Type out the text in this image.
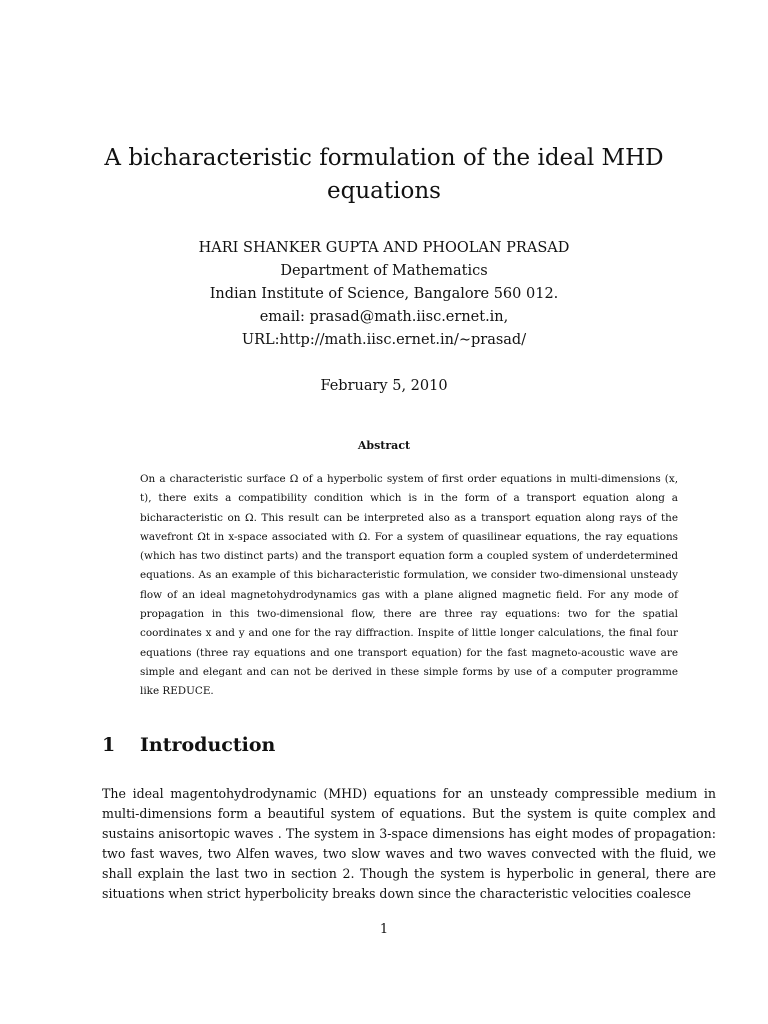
A bicharacteristic formulation of the ideal MHD equations
HARI SHANKER GUPTA AND PHOOLAN PRASAD
Department of Mathematics
Indian Institute of Science, Bangalore 560 012.
email: prasad@math.iisc.ernet.in,
URL:http://math.iisc.ernet.in/∼prasad/
February 5, 2010
Abstract

On a characteristic surface Ω of a hyperbolic system of first order equations in multi-dimensions (x, t), there exits a compatibility condition which is in the form of a transport equation along a bicharacteristic on Ω. This result can be interpreted also as a transport equation along rays of the wavefront Ωt in x-space associated with Ω. For a system of quasilinear equations, the ray equations (which has two distinct parts) and the transport equation form a coupled system of underdetermined equations. As an example of this bicharacteristic formulation, we consider two-dimensional unsteady flow of an ideal magnetohydrodynamics gas with a plane aligned magnetic field. For any mode of propagation in this two-dimensional flow, there are three ray equations: two for the spatial coordinates x and y and one for the ray diffraction. Inspite of little longer calculations, the final four equations (three ray equations and one transport equation) for the fast magneto-acoustic wave are simple and elegant and can not be derived in these simple forms by use of a computer programme like REDUCE.

1 Introduction

The ideal magentohydrodynamic (MHD) equations for an unsteady compressible medium in multi-dimensions form a beautiful system of equations. But the system is quite complex and sustains anisortopic waves . The system in 3-space dimensions has eight modes of propagation: two fast waves, two Alfen waves, two slow waves and two waves convected with the fluid, we shall explain the last two in section 2. Though the system is hyperbolic in general, there are situations when strict hyperbolicity breaks down since the characteristic velocities coalesce

1
